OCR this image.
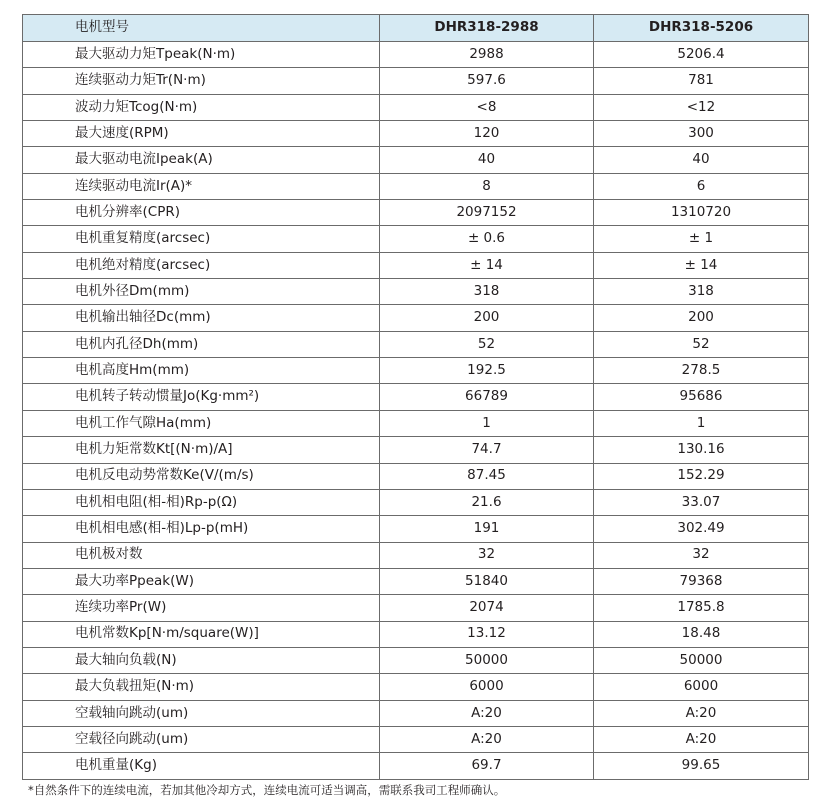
电机型号	DHR318-2988	DHR318-5206
最大驱动力矩Tpeak(N·m)	2988	5206.4
连续驱动力矩Tr(N·m)	597.6	781
波动力矩Tcog(N·m)	<8	<12
最大速度(RPM)	120	300
最大驱动电流Ipeak(A)	40	40
连续驱动电流Ir(A)*	8	6
电机分辨率(CPR)	2097152	1310720
电机重复精度(arcsec)	± 0.6	± 1
电机绝对精度(arcsec)	± 14	± 14
电机外径Dm(mm)	318	318
电机输出轴径Dc(mm)	200	200
电机内孔径Dh(mm)	52	52
电机高度Hm(mm)	192.5	278.5
电机转子转动惯量Jo(Kg·mm²)	66789	95686
电机工作气隙Ha(mm)	1	1
电机力矩常数Kt[(N·m)/A]	74.7	130.16
电机反电动势常数Ke(V/(m/s)	87.45	152.29
电机相电阻(相-相)Rp-p(Ω)	21.6	33.07
电机相电感(相-相)Lp-p(mH)	191	302.49
电机极对数	32	32
最大功率Ppeak(W)	51840	79368
连续功率Pr(W)	2074	1785.8
电机常数Kp[N·m/square(W)]	13.12	18.48
最大轴向负载(N)	50000	50000
最大负载扭矩(N·m)	6000	6000
空载轴向跳动(um)	A:20	A:20
空载径向跳动(um)	A:20	A:20
电机重量(Kg)	69.7	99.65
*自然条件下的连续电流，若加其他冷却方式，连续电流可适当调高，需联系我司工程师确认。
